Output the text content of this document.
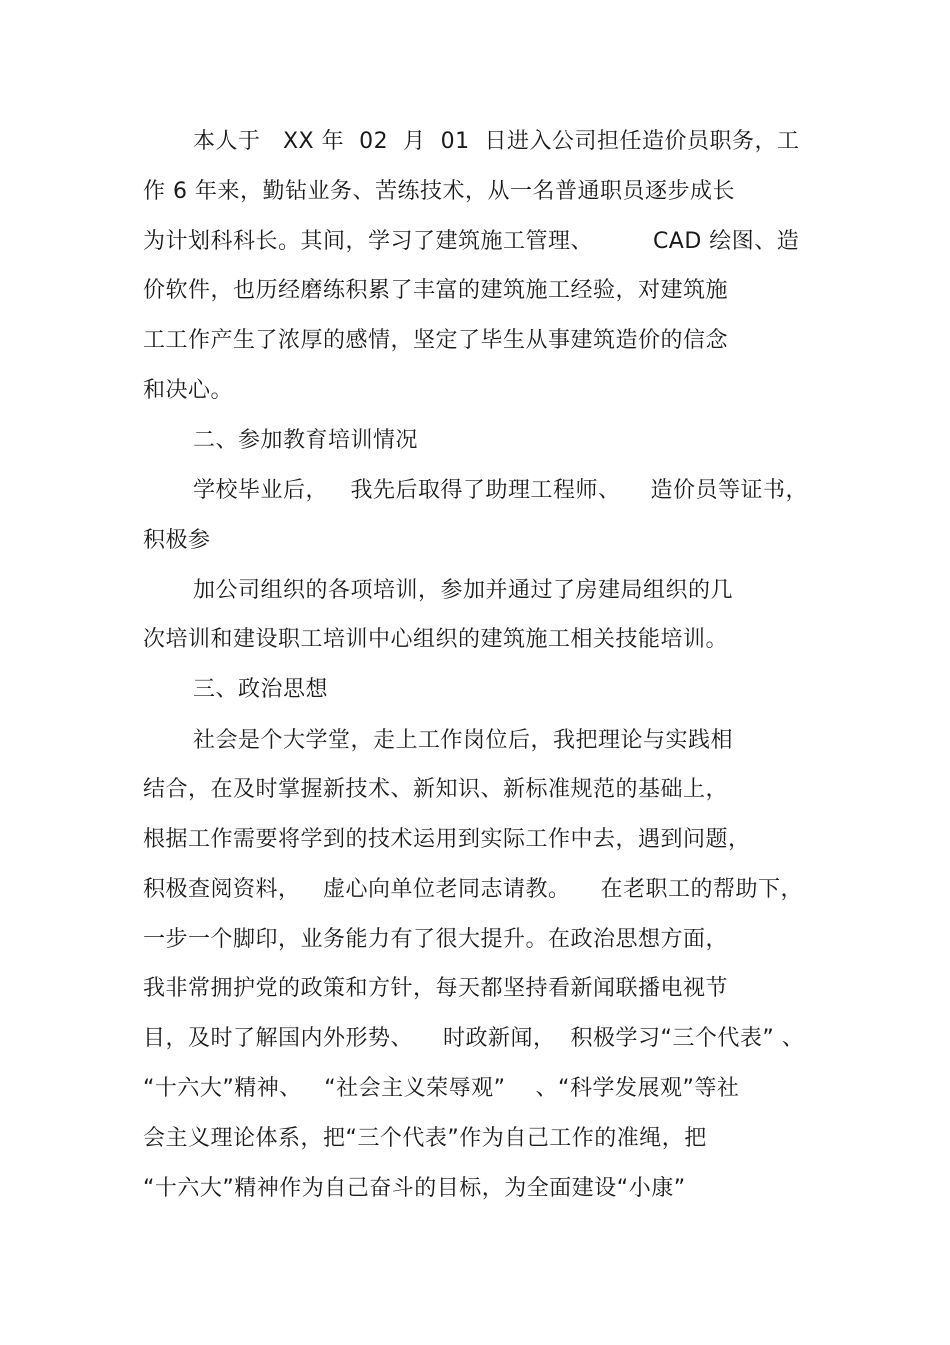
本人于   XX 年  02  月  01  日进入公司担任造价员职务，工
作 6 年来，勤钻业务、苦练技术，从一名普通职员逐步成长
为计划科科长。其间，学习了建筑施工管理、        CAD 绘图、造
价软件，也历经磨练积累了丰富的建筑施工经验，对建筑施
工工作产生了浓厚的感情，坚定了毕生从事建筑造价的信念
和决心。
二、参加教育培训情况
学校毕业后，   我先后取得了助理工程师、    造价员等证书，
积极参
加公司组织的各项培训，参加并通过了房建局组织的几
次培训和建设职工培训中心组织的建筑施工相关技能培训。
三、政治思想
社会是个大学堂，走上工作岗位后，我把理论与实践相
结合，在及时掌握新技术、新知识、新标准规范的基础上，
根据工作需要将学到的技术运用到实际工作中去，遇到问题，
积极查阅资料，   虚心向单位老同志请教。    在老职工的帮助下，
一步一个脚印，业务能力有了很大提升。在政治思想方面，
我非常拥护党的政策和方针，每天都坚持看新闻联播电视节
目，及时了解国内外形势、    时政新闻，  积极学习“三个代表” 、
“十六大”精神、   “社会主义荣辱观”    、“科学发展观”等社
会主义理论体系，把“三个代表”作为自己工作的准绳，把
“十六大”精神作为自己奋斗的目标，为全面建设“小康”
